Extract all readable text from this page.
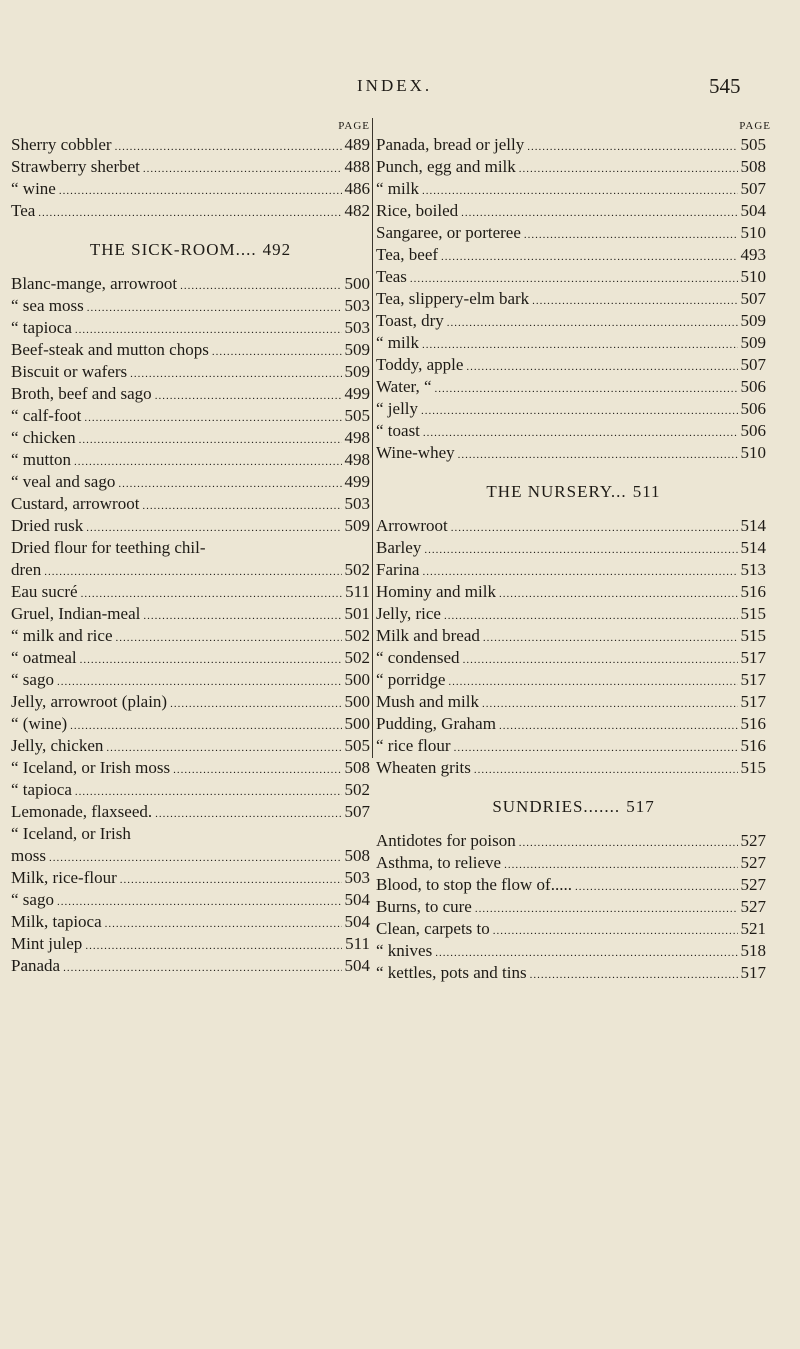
INDEX.	545
PAGE
Sherry cobbler .....	489
Strawberry sherbet .....	488
“ wine .....	486
Tea .....	482
THE SICK-ROOM.... 492
Blanc-mange, arrowroot .....	500
“ sea moss .....	503
“ tapioca .....	503
Beef-steak and mutton chops .....	509
Biscuit or wafers .....	509
Broth, beef and sago .....	499
“ calf-foot .....	505
“ chicken .....	498
“ mutton .....	498
“ veal and sago .....	499
Custard, arrowroot .....	503
Dried rusk .....	509
Dried flour for teething chil-
dren .....	502
Eau sucré .....	511
Gruel, Indian-meal .....	501
“ milk and rice .....	502
“ oatmeal .....	502
“ sago .....	500
Jelly, arrowroot (plain) .....	500
“ (wine) .....	500
Jelly, chicken .....	505
“ Iceland, or Irish moss .....	508
“ tapioca .....	502
Lemonade, flaxseed. .....	507
“ Iceland, or Irish
moss .....	508
Milk, rice-flour .....	503
“ sago .....	504
Milk, tapioca .....	504
Mint julep .....	511
Panada .....	504
PAGE
Panada, bread or jelly .....	505
Punch, egg and milk .....	508
“ milk .....	507
Rice, boiled .....	504
Sangaree, or porteree .....	510
Tea, beef .....	493
Teas .....	510
Tea, slippery-elm bark .....	507
Toast, dry .....	509
“ milk .....	509
Toddy, apple .....	507
Water, “ .....	506
“ jelly .....	506
“ toast .....	506
Wine-whey .....	510
THE NURSERY... 511
Arrowroot .....	514
Barley .....	514
Farina .....	513
Hominy and milk .....	516
Jelly, rice .....	515
Milk and bread .....	515
“ condensed .....	517
“ porridge .....	517
Mush and milk .....	517
Pudding, Graham .....	516
“ rice flour .....	516
Wheaten grits .....	515
SUNDRIES....... 517
Antidotes for poison .....	527
Asthma, to relieve .....	527
Blood, to stop the flow of..... .....	527
Burns, to cure .....	527
Clean, carpets to .....	521
“ knives .....	518
“ kettles, pots and tins .....	517
